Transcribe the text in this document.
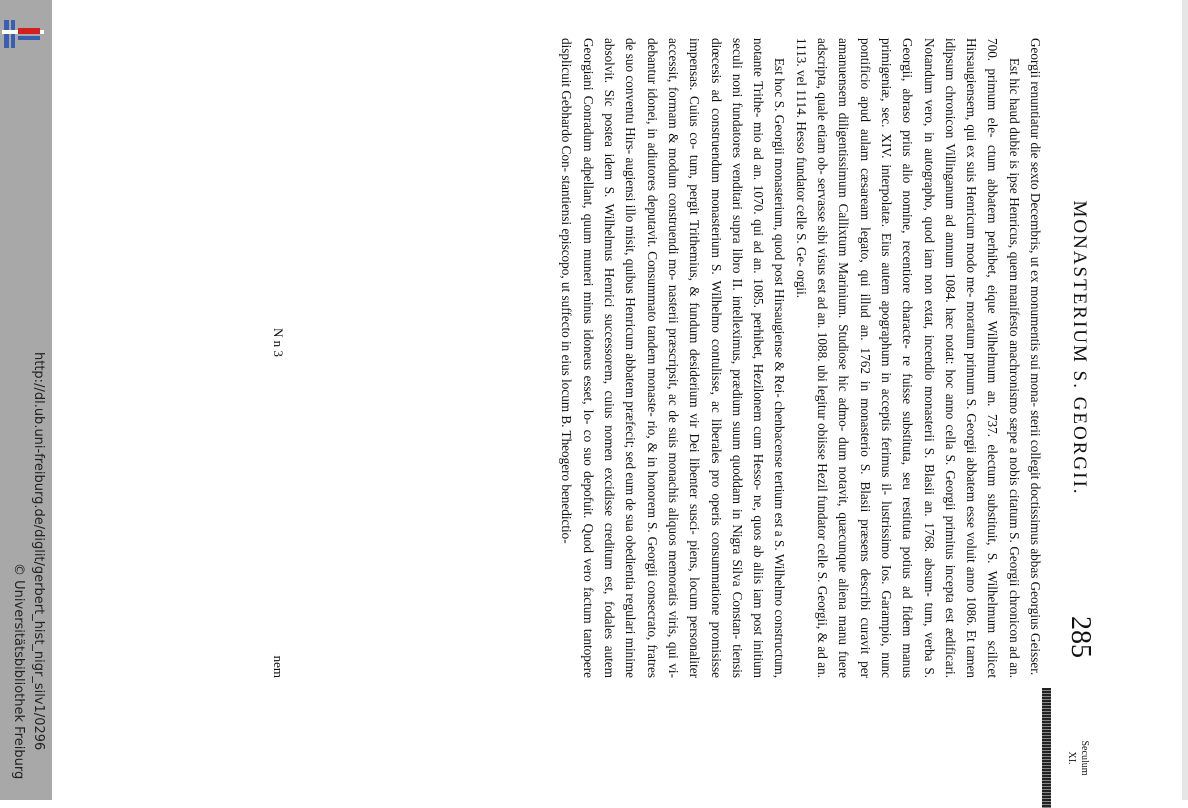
http://dl.ub.uni-freiburg.de/diglit/gerbert_hist_nigr_silv1/0296
© Universitätsbibliothek Freiburg
MONASTERIUM S. GEORGII.
285
Seculum
XI.

Georgii renuntiatur die sexto Decembris, ut ex monumentis sui mona- sterii collegit doctissimus abbas Georgius Geisser.

Est hic haud dubie is ipse Henricus, quem manifesto anachronismo sæpe a nobis citatum S. Georgii chronicon ad an. 700. primum ele- ctum abbatem perhibet, eique Wilhelmum an. 737. electum substituit, S. Wilhelmum scilicet Hirsaugiensem, qui ex suis Henricum modo me- moratum primum S. Georgii abbatem esse voluit anno 1086. Et tamen idipsum chronicon Villinganum ad annum 1084. hæc notat: hoc anno cella S. Georgii primitus incepta est ædificari. Notandum vero, in autographo, quod iam non extat, incendio monasterii S. Blasii an. 1768. absum- tum, verba S. Georgii, abraso prius alio nomine, recentiore characte- re fuisse substituta, seu restituta potius ad fidem manus primigeniæ, sec. XIV. interpolatæ. Eius autem apographum in acceptis ferimus il- lustrissimo Ios. Garampio, nunc pontificio apud aulam cæsaream legato, qui illud an. 1762 in monasterio S. Blasii præsens describi curavit per amanuensem diligentissimum Callixtum Marinium. Studiose hic admo- dum notavit, quæcunque aliena manu fuere adscripta, quale etiam ob- servasse sibi visus est ad an. 1088. ubi legitur obiisse Hezil fundator celle S. Georgii, & ad an. 1113. vel 1114. Hesso fundator celle S. Ge- orgii.

Est hoc S. Georgii monasterium, quod post Hirsaugiense & Rei- chenbacense tertium est a S. Wilhelmo constructum, notante Trithe- mio ad an. 1070. qui ad an. 1085. perhibet, Hezilonem cum Hesso- ne, quos ab aliis iam post initium seculi noni fundatores venditari supra libro II. intelleximus, prædium suum quoddam in Nigra Silva Constan- tiensis diœcesis ad construendum monasterium S. Wilhelmo contulisse, ac liberales pro operis consummatione promisisse impensas. Cuius co- tum, pergit Trithemius, & fundum desiderium vir Dei libenter susci- piens, locum personaliter accessit, formam & modum construendi mo- nasterii præscripsit, ac de suis monachis aliquos memoratis viris, qui vi- debantur idonei, in adiutores deputavit. Consummato tandem monaste- rio, & in honorem S. Georgii consecrato, fratres de suo conventu Hirs- augiensi illo misit, quibus Henricum abbatem præfecit; sed eum de sua obedientia regulari minime absolvit. Sic postea idem S. Wilhelmus Henrici successorem, cuius nomen excidisse creditum est, fodales autem Georgiani Conradum adpellant, quum muneri minus idoneus esset, lo- co suo depofuit. Quod vero factum tantopere displicuit Gebhardo Con- stantiensi episcopo, ut suffecto in eius locum B. Theogero benedictio-

N n 3
nem
